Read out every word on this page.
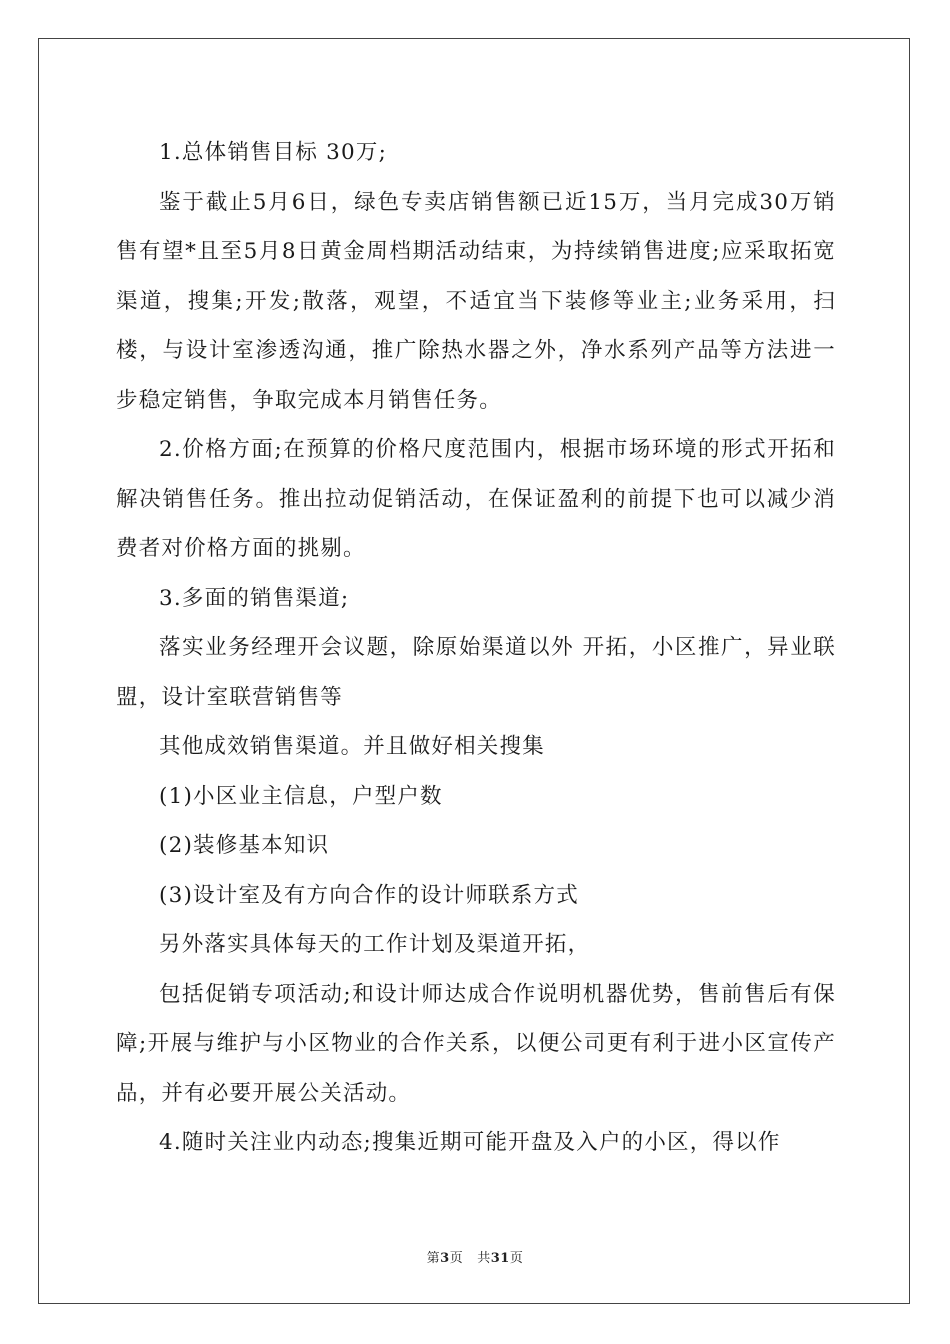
1.总体销售目标 30万;

鉴于截止5月6日，绿色专卖店销售额已近15万，当月完成30万销售有望*且至5月8日黄金周档期活动结束，为持续销售进度;应采取拓宽渠道，搜集;开发;散落，观望，不适宜当下装修等业主;业务采用，扫楼，与设计室渗透沟通，推广除热水器之外，净水系列产品等方法进一步稳定销售，争取完成本月销售任务。

2.价格方面;在预算的价格尺度范围内，根据市场环境的形式开拓和解决销售任务。推出拉动促销活动，在保证盈利的前提下也可以减少消费者对价格方面的挑剔。

3.多面的销售渠道;

落实业务经理开会议题，除原始渠道以外 开拓，小区推广，异业联盟，设计室联营销售等

其他成效销售渠道。并且做好相关搜集

(1)小区业主信息，户型户数

(2)装修基本知识

(3)设计室及有方向合作的设计师联系方式

另外落实具体每天的工作计划及渠道开拓，

包括促销专项活动;和设计师达成合作说明机器优势，售前售后有保障;开展与维护与小区物业的合作关系，以便公司更有利于进小区宣传产品，并有必要开展公关活动。

4.随时关注业内动态;搜集近期可能开盘及入户的小区，得以作

第3页 共31页
